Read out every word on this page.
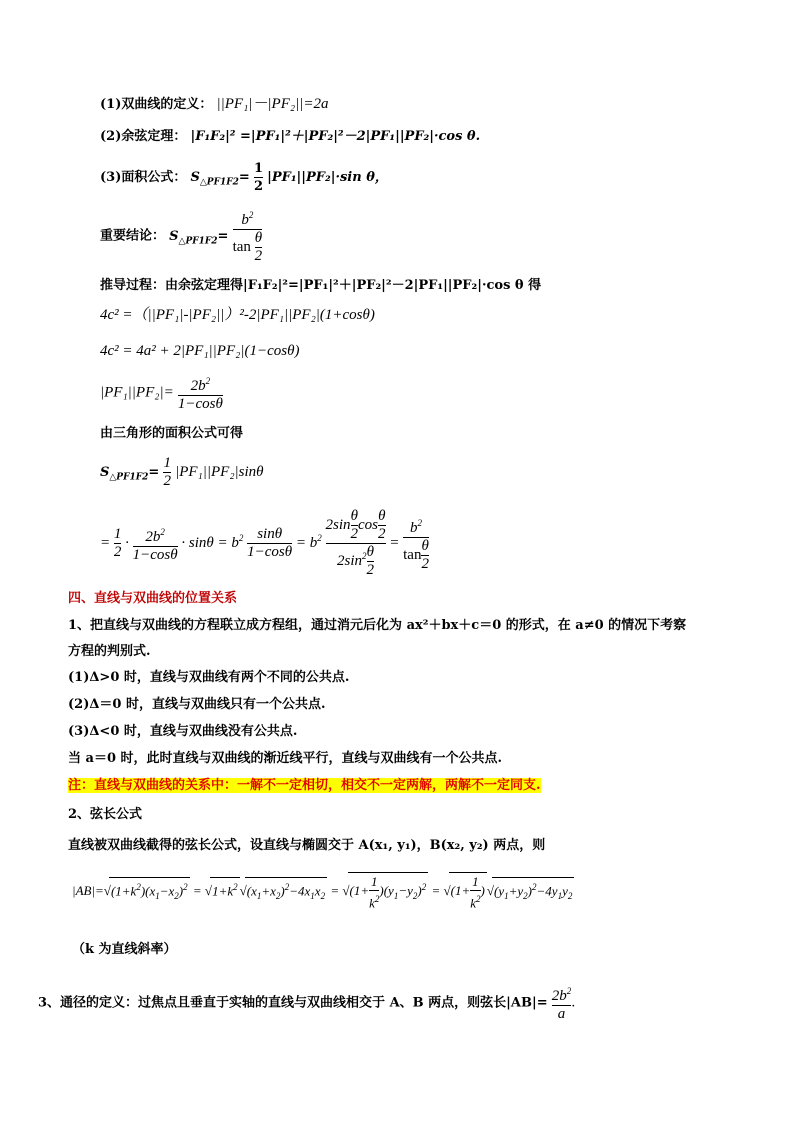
(1)双曲线的定义： ||PF₁|－|PF₂||=2a
(2)余弦定理： |F₁F₂|² =|PF₁|²＋|PF₂|²－2|PF₁||PF₂|·cos θ.
(3)面积公式： $S_{\triangle PF1F2}= \frac{1}{2} |PF_1||PF_2|\cdot\sin$ θ，
重要结论： $S_{\triangle PF1F2}= \frac{b^2}{\tan \frac{\theta}{2}}$
推导过程：由余弦定理得|F₁F₂|²=|PF₁|²＋|PF₂|²－2|PF₁||PF₂|·cos θ 得
4c² =（||PF₁|-|PF₂||）²-2|PF₁||PF₂|(1+cosθ)
4c² = 4a² + 2|PF₁||PF₂|(1−cosθ)
$|PF_1||PF_2|= \frac{2b^2}{1-\cos\theta}$
由三角形的面积公式可得
$S_{\triangle PF1F2}= \frac{1}{2} |PF_1||PF_2|\sin\theta$
= $\frac{1}{2} \cdot \frac{2b^2}{1-\cos\theta} \cdot \sin\theta = b^2 \frac{\sin\theta}{1-\cos\theta} = b^2 \frac{2\sin \frac{\theta}{2} \cos \frac{\theta}{2}}{2\sin^2 \frac{\theta}{2}} = \frac{b^2}{\tan \frac{\theta}{2}}$
四、直线与双曲线的位置关系
1、把直线与双曲线的方程联立成方程组，通过消元后化为 ax²＋bx＋c＝0 的形式，在 a≠0 的情况下考察
方程的判别式.
(1)Δ>0 时，直线与双曲线有两个不同的公共点.
(2)Δ＝0 时，直线与双曲线只有一个公共点.
(3)Δ<0 时，直线与双曲线没有公共点.
当 a＝0 时，此时直线与双曲线的渐近线平行，直线与双曲线有一个公共点.
注：直线与双曲线的关系中：一解不一定相切，相交不一定两解，两解不一定同支.
2、弦长公式
直线被双曲线截得的弦长公式，设直线与椭圆交于 A(x₁, y₁)，B(x₂, y₂) 两点，则
$|AB|=√(1+k^2)(x_1-x_2)^2 = √1+k^2$ $√(x_1+x_2)^2-4x_1x_2 = √(1+ \frac{1}{k^2} )(y_1-y_2)^2 = √(1+ \frac{1}{k^2}$ ) $√(y_1+y_2)^2-4y_1y_2$
（k 为直线斜率）
3、通径的定义：过焦点且垂直于实轴的直线与双曲线相交于 A、B 两点，则弦长$|AB|= \frac{2b^2}{a}$ .
